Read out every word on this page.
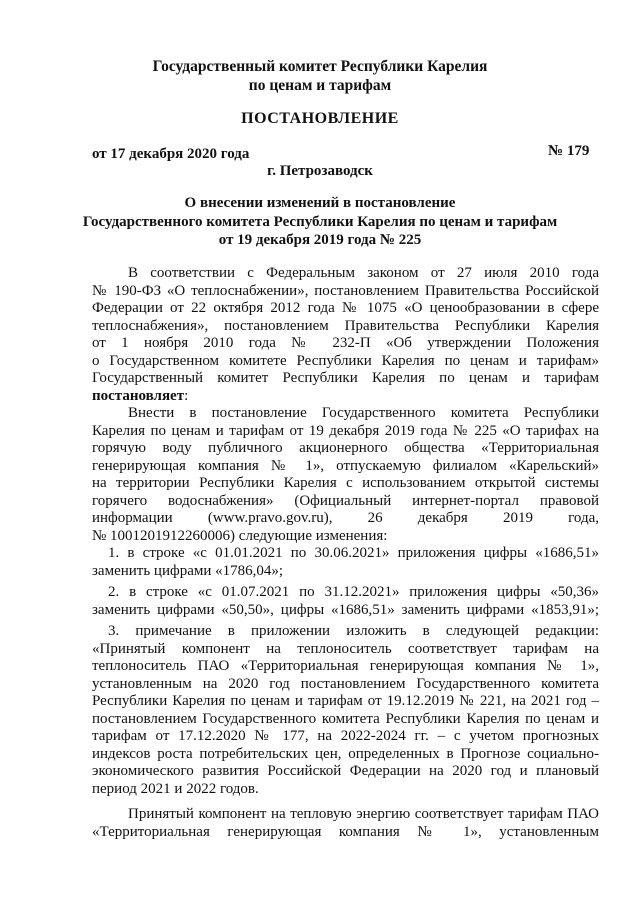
Государственный комитет Республики Карелия
по ценам и тарифам
ПОСТАНОВЛЕНИЕ
от 17 декабря 2020 года	№ 179
г. Петрозаводск
О внесении изменений в постановление
Государственного комитета Республики Карелия по ценам и тарифам
от 19 декабря 2019 года № 225
В соответствии с Федеральным законом от 27 июля 2010 года
№ 190-ФЗ «О теплоснабжении», постановлением Правительства Российской
Федерации от 22 октября 2012 года № 1075 «О ценообразовании в сфере
теплоснабжения», постановлением Правительства Республики Карелия
от 1 ноября 2010 года № 232-П «Об утверждении Положения
о Государственном комитете Республики Карелия по ценам и тарифам»
Государственный комитет Республики Карелия по ценам и тарифам
постановляет:
Внести в постановление Государственного комитета Республики
Карелия по ценам и тарифам от 19 декабря 2019 года № 225 «О тарифах на
горячую воду публичного акционерного общества «Территориальная
генерирующая компания № 1», отпускаемую филиалом «Карельский»
на территории Республики Карелия с использованием открытой системы
горячего водоснабжения» (Официальный интернет-портал правовой
информации (www.pravo.gov.ru), 26 декабря 2019 года,
№ 1001201912260006) следующие изменения:
1. в строке «с 01.01.2021 по 30.06.2021» приложения цифры «1686,51»
заменить цифрами «1786,04»;
2. в строке «с 01.07.2021 по 31.12.2021» приложения цифры «50,36»
заменить цифрами «50,50», цифры «1686,51» заменить цифрами «1853,91»;
3. примечание в приложении изложить в следующей редакции:
«Принятый компонент на теплоноситель соответствует тарифам на
теплоноситель ПАО «Территориальная генерирующая компания № 1»,
установленным на 2020 год постановлением Государственного комитета
Республики Карелия по ценам и тарифам от 19.12.2019 № 221, на 2021 год –
постановлением Государственного комитета Республики Карелия по ценам и
тарифам от 17.12.2020 № 177, на 2022-2024 гг. – с учетом прогнозных
индексов роста потребительских цен, определенных в Прогнозе социально-
экономического развития Российской Федерации на 2020 год и плановый
период 2021 и 2022 годов.
Принятый компонент на тепловую энергию соответствует тарифам ПАО
«Территориальная генерирующая компания № 1», установленным
